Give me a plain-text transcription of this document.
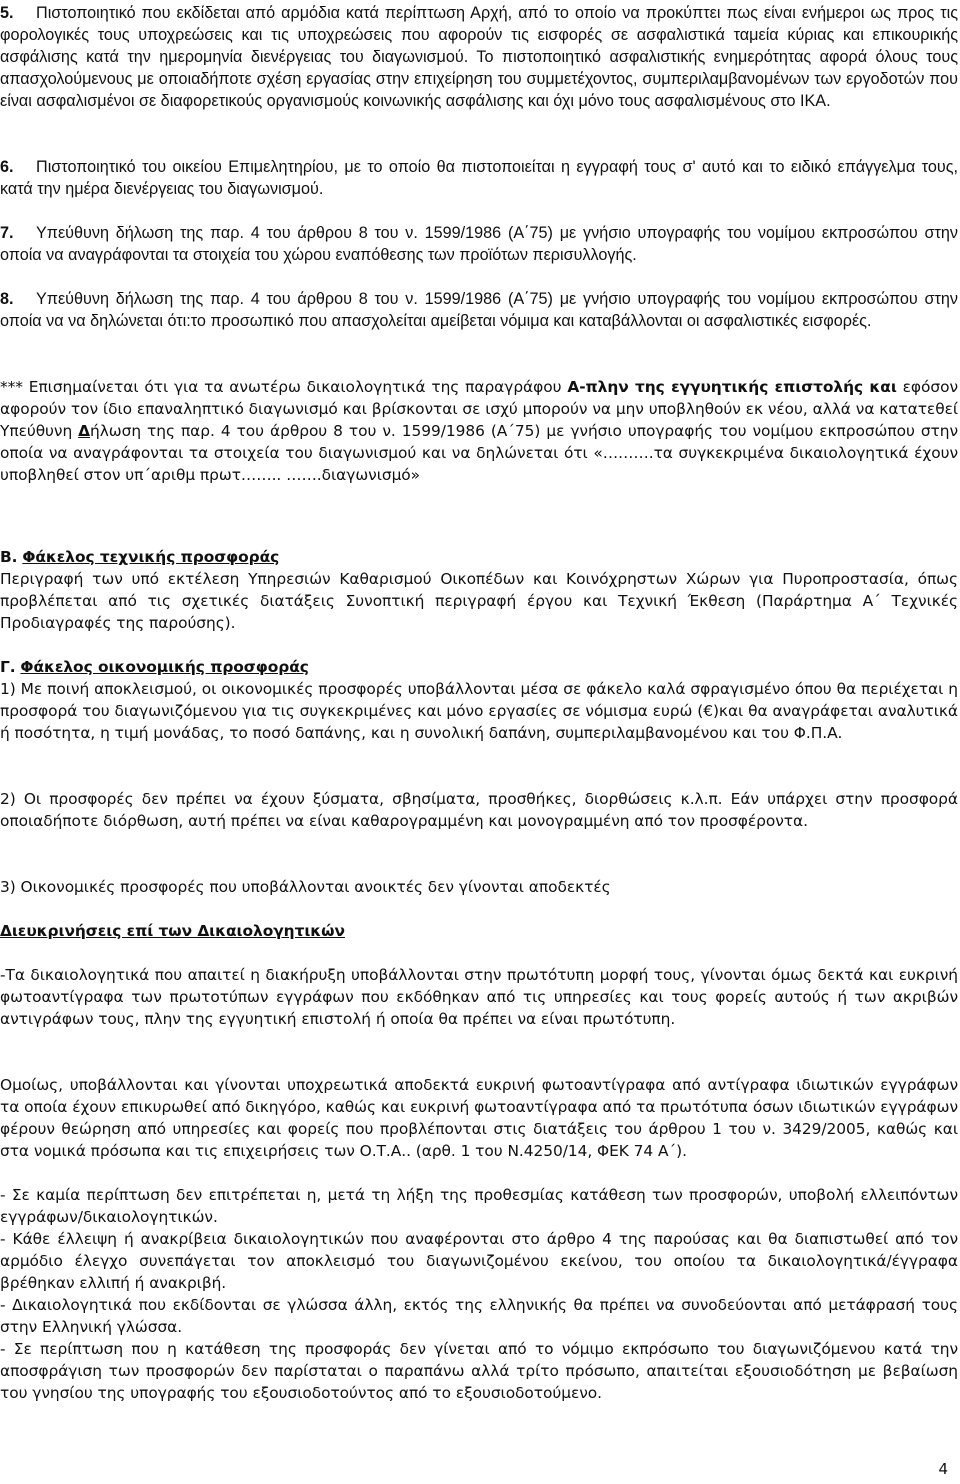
5. Πιστοποιητικό που εκδίδεται από αρμόδια κατά περίπτωση Αρχή, από το οποίο να προκύπτει πως είναι ενήμεροι ως προς τις φορολογικές τους υποχρεώσεις και τις υποχρεώσεις που αφορούν τις εισφορές σε ασφαλιστικά ταμεία κύριας και επικουρικής ασφάλισης κατά την ημερομηνία διενέργειας του διαγωνισμού. Το πιστοποιητικό ασφαλιστικής ενημερότητας αφορά όλους τους απασχολούμενους με οποιαδήποτε σχέση εργασίας στην επιχείρηση του συμμετέχοντος, συμπεριλαμβανομένων των εργοδοτών που είναι ασφαλισμένοι σε διαφορετικούς οργανισμούς κοινωνικής ασφάλισης και όχι μόνο τους ασφαλισμένους στο ΙΚΑ.

6. Πιστοποιητικό του οικείου Επιμελητηρίου, με το οποίο θα πιστοποιείται η εγγραφή τους σ' αυτό και το ειδικό επάγγελμα τους, κατά την ημέρα διενέργειας του διαγωνισμού.

7. Υπεύθυνη δήλωση της παρ. 4 του άρθρου 8 του ν. 1599/1986 (Α΄75) με γνήσιο υπογραφής του νομίμου εκπροσώπου στην οποία να αναγράφονται τα στοιχεία του χώρου εναπόθεσης των προϊότων περισυλλογής.

8. Υπεύθυνη δήλωση της παρ. 4 του άρθρου 8 του ν. 1599/1986 (Α΄75) με γνήσιο υπογραφής του νομίμου εκπροσώπου στην οποία να να δηλώνεται ότι:το προσωπικό που απασχολείται αμείβεται νόμιμα και καταβάλλονται οι ασφαλιστικές εισφορές.

*** Επισημαίνεται ότι για τα ανωτέρω δικαιολογητικά της παραγράφου Α-πλην της εγγυητικής επιστολής και εφόσον αφορούν τον ίδιο επαναληπτικό διαγωνισμό και βρίσκονται σε ισχύ μπορούν να μην υποβληθούν εκ νέου, αλλά να κατατεθεί Υπεύθυνη Δήλωση της παρ. 4 του άρθρου 8 του ν. 1599/1986 (Α΄75) με γνήσιο υπογραφής του νομίμου εκπροσώπου στην οποία να αναγράφονται τα στοιχεία του διαγωνισμού και να δηλώνεται ότι «……….τα συγκεκριμένα δικαιολογητικά έχουν υποβληθεί στον υπ΄αριθμ πρωτ…….. …….διαγωνισμό»

Β. Φάκελος τεχνικής προσφοράς

Περιγραφή των υπό εκτέλεση Υπηρεσιών Καθαρισμού Οικοπέδων και Κοινόχρηστων Χώρων για Πυροπροστασία, όπως προβλέπεται από τις σχετικές διατάξεις Συνοπτική περιγραφή έργου και Τεχνική Έκθεση (Παράρτημα Α΄ Τεχνικές Προδιαγραφές της παρούσης).

Γ. Φάκελος οικονομικής προσφοράς

1) Με ποινή αποκλεισμού, οι οικονομικές προσφορές υποβάλλονται μέσα σε φάκελο καλά σφραγισμένο όπου θα περιέχεται η προσφορά του διαγωνιζόμενου για τις συγκεκριμένες και μόνο εργασίες σε νόμισμα ευρώ (€)και θα αναγράφεται αναλυτικά ή ποσότητα, η τιμή μονάδας, το ποσό δαπάνης, και η συνολική δαπάνη, συμπεριλαμβανομένου και του Φ.Π.Α.

2) Οι προσφορές δεν πρέπει να έχουν ξύσματα, σβησίματα, προσθήκες, διορθώσεις κ.λ.π. Εάν υπάρχει στην προσφορά οποιαδήποτε διόρθωση, αυτή πρέπει να είναι καθαρογραμμένη και μονογραμμένη από τον προσφέροντα.

3) Οικονομικές προσφορές που υποβάλλονται ανοικτές δεν γίνονται αποδεκτές

Διευκρινήσεις επί των Δικαιολογητικών

-Τα δικαιολογητικά που απαιτεί η διακήρυξη υποβάλλονται στην πρωτότυπη μορφή τους, γίνονται όμως δεκτά και ευκρινή φωτοαντίγραφα των πρωτοτύπων εγγράφων που εκδόθηκαν από τις υπηρεσίες και τους φορείς αυτούς ή των ακριβών αντιγράφων τους, πλην της εγγυητική επιστολή ή οποία θα πρέπει να είναι πρωτότυπη.

Ομοίως, υποβάλλονται και γίνονται υποχρεωτικά αποδεκτά ευκρινή φωτοαντίγραφα από αντίγραφα ιδιωτικών εγγράφων τα οποία έχουν επικυρωθεί από δικηγόρο, καθώς και ευκρινή φωτοαντίγραφα από τα πρωτότυπα όσων ιδιωτικών εγγράφων φέρουν θεώρηση από υπηρεσίες και φορείς που προβλέπονται στις διατάξεις του άρθρου 1 του ν. 3429/2005, καθώς και στα νομικά πρόσωπα και τις επιχειρήσεις των Ο.Τ.Α.. (αρθ. 1 του Ν.4250/14, ΦΕΚ 74 Α΄).

- Σε καμία περίπτωση δεν επιτρέπεται η, μετά τη λήξη της προθεσμίας κατάθεση των προσφορών, υποβολή ελλειπόντων εγγράφων/δικαιολογητικών.

- Κάθε έλλειψη ή ανακρίβεια δικαιολογητικών που αναφέρονται στο άρθρο 4 της παρούσας και θα διαπιστωθεί από τον αρμόδιο έλεγχο συνεπάγεται τον αποκλεισμό του διαγωνιζομένου εκείνου, του οποίου τα δικαιολογητικά/έγγραφα βρέθηκαν ελλιπή ή ανακριβή.

- Δικαιολογητικά που εκδίδονται σε γλώσσα άλλη, εκτός της ελληνικής θα πρέπει να συνοδεύονται από μετάφρασή τους στην Ελληνική γλώσσα.

- Σε περίπτωση που η κατάθεση της προσφοράς δεν γίνεται από το νόμιμο εκπρόσωπο του διαγωνιζόμενου κατά την αποσφράγιση των προσφορών δεν παρίσταται ο παραπάνω αλλά τρίτο πρόσωπο, απαιτείται εξουσιοδότηση με βεβαίωση του γνησίου της υπογραφής του εξουσιοδοτούντος από το εξουσιοδοτούμενο.

4
